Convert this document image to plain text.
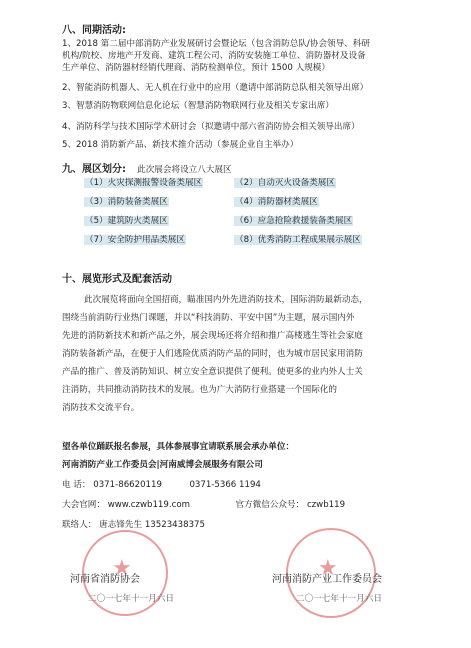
八、同期活动:
1、2018 第二届中部消防产业发展研讨会暨论坛（包含消防总队/协会领导、科研
机构/院校、房地产开发商、建筑工程公司、消防安装施工单位、消防器材及设备
生产单位、消防器材经销代理商、消防检测单位，预计 1500 人规模）
2、智能消防机器人、无人机在行业中的应用（邀请中部消防总队相关领导出席）
3、智慧消防物联网信息化论坛（智慧消防物联网行业及相关专家出席）
4、消防科学与技术国际学术研讨会（拟邀请中部六省消防协会相关领导出席）
5、2018 消防新产品、新技术推介活动（参展企业自主举办）
九、展区划分: 此次展会将设立八大展区
（1）火灾探测报警设备类展区	（2）自动灭火设备类展区
（3）消防装备类展区	（4）消防器材类展区
（5）建筑防火类展区	（6）应急抢险救援装备类展区
（7）安全防护用品类展区	（8）优秀消防工程成果展示展区
十、展览形式及配套活动
此次展览将面向全国招商，瞄准国内外先进消防技术，国际消防最新动态，
围绕当前消防行业热门课题，并以“科技消防、平安中国”为主题，展示国内外
先进的消防新技术和新产品之外，展会现场还将介绍和推广高楼逃生等社会家庭
消防装备新产品，在便于人们逃险优质消防产品的同时，也为城市居民家用消防
产品的推广、普及消防知识、树立安全意识提供了便利。使更多的业内外人士关
注消防，共同推动消防技术的发展。也为广大消防行业搭建一个国际化的
消防技术交流平台。
望各单位踊跃报名参展，具体参展事宜请联系展会承办单位：
河南消防产业工作委员会|河南威博会展服务有限公司
电 话： 0371-86620119	0371-5366 1194
大会官网： www.czwb119.com	官方微信公众号： czwb119
联络人： 唐志锋先生 13523438375
★
河南省消防协会
二〇一七年十一月六日
★
河南消防产业工作委员会
二〇一七年十一月六日
